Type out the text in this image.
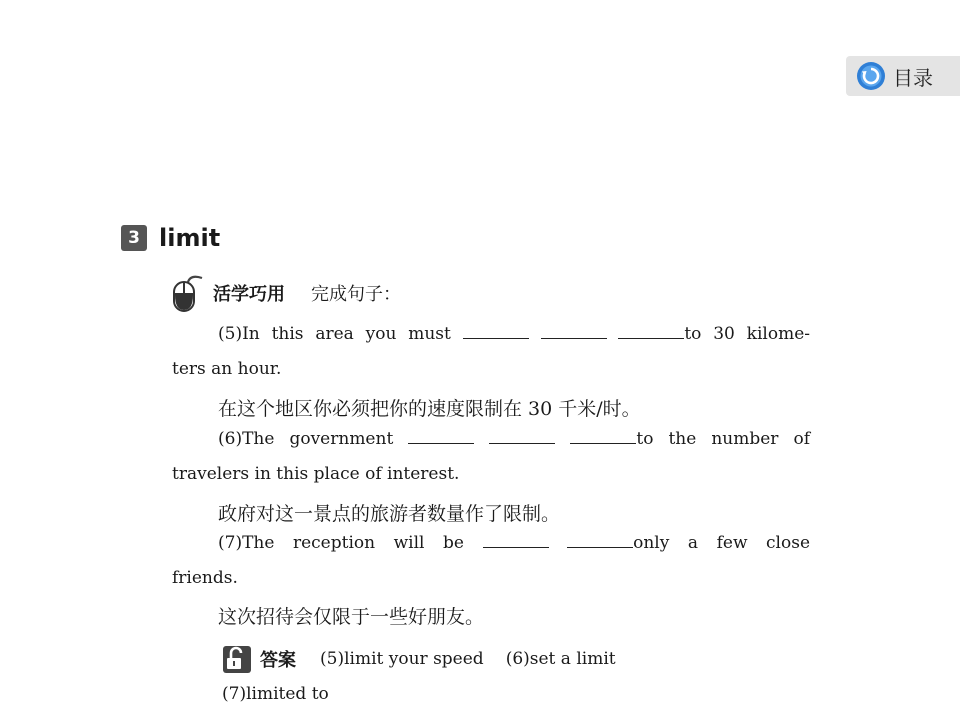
目录
3 limit
活学巧用 完成句子：
(5)In this area you must	to 30 kilome-
ters an hour.
在这个地区你必须把你的速度限制在 30 千米/时。
(6)The government	to the number of
travelers in this place of interest.
政府对这一景点的旅游者数量作了限制。
(7)The reception will be	only a few close
friends.
这次招待会仅限于一些好朋友。
答案 (5)limit your speed (6)set a limit
(7)limited to
